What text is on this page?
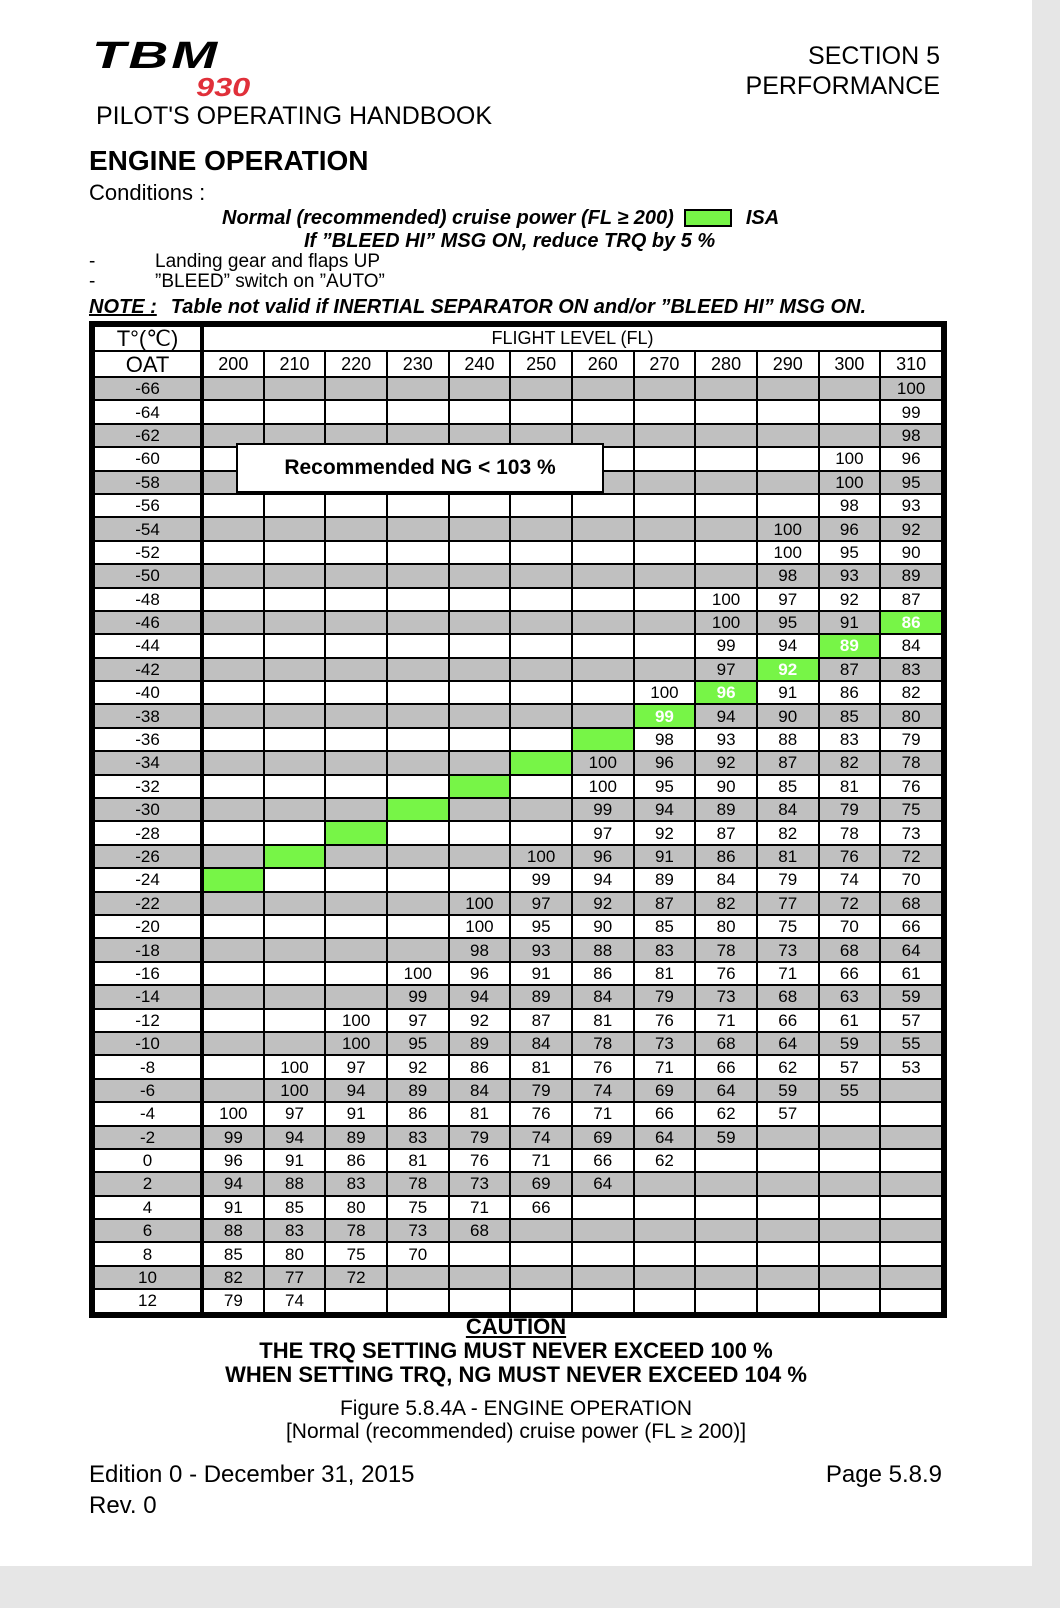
TBM
930
SECTION 5
PERFORMANCE
PILOT'S OPERATING HANDBOOK
ENGINE OPERATION
Conditions :
Normal (recommended) cruise power (FL ≥ 200)	ISA
If ”BLEED HI” MSG ON, reduce TRQ by 5 %
-	Landing gear and flaps UP
-	”BLEED” switch on ”AUTO”
NOTE : Table not valid if INERTIAL SEPARATOR ON and/or ”BLEED HI” MSG ON.
T°(℃)	FLIGHT LEVEL (FL)											
OAT	200	210	220	230	240	250	260	270	280	290	300	310
-66												100
-64												99
-62												98
-60											100	96
-58											100	95
-56											98	93
-54										100	96	92
-52										100	95	90
-50										98	93	89
-48									100	97	92	87
-46									100	95	91	86
-44									99	94	89	84
-42									97	92	87	83
-40								100	96	91	86	82
-38								99	94	90	85	80
-36								98	93	88	83	79
-34							100	96	92	87	82	78
-32							100	95	90	85	81	76
-30							99	94	89	84	79	75
-28							97	92	87	82	78	73
-26						100	96	91	86	81	76	72
-24						99	94	89	84	79	74	70
-22					100	97	92	87	82	77	72	68
-20					100	95	90	85	80	75	70	66
-18					98	93	88	83	78	73	68	64
-16				100	96	91	86	81	76	71	66	61
-14				99	94	89	84	79	73	68	63	59
-12			100	97	92	87	81	76	71	66	61	57
-10			100	95	89	84	78	73	68	64	59	55
-8		100	97	92	86	81	76	71	66	62	57	53
-6		100	94	89	84	79	74	69	64	59	55	
-4	100	97	91	86	81	76	71	66	62	57		
-2	99	94	89	83	79	74	69	64	59			
0	96	91	86	81	76	71	66	62				
2	94	88	83	78	73	69	64					
4	91	85	80	75	71	66						
6	88	83	78	73	68							
8	85	80	75	70								
10	82	77	72									
12	79	74										
Recommended NG < 103 %
CAUTION
THE TRQ SETTING MUST NEVER EXCEED 100 %
WHEN SETTING TRQ, NG MUST NEVER EXCEED 104 %
Figure 5.8.4A - ENGINE OPERATION
[Normal (recommended) cruise power (FL ≥ 200)]
Edition 0 - December 31, 2015
Rev. 0
Page 5.8.9
